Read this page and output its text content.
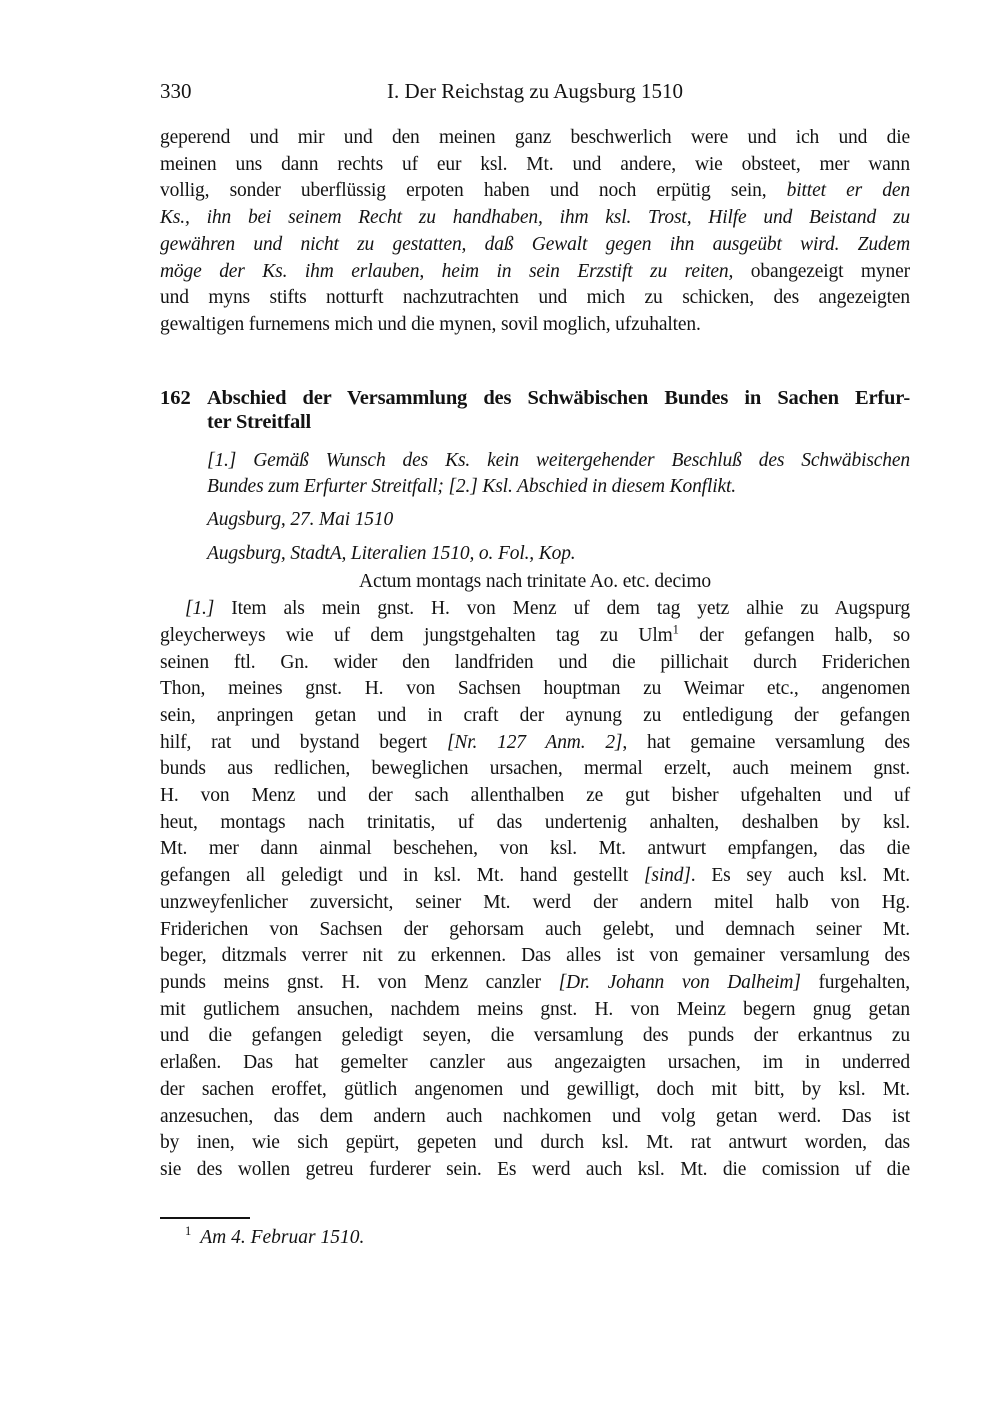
330	I. Der Reichstag zu Augsburg 1510
geperend und mir und den meinen ganz beschwerlich were und ich und die
meinen uns dann rechts uf eur ksl. Mt. und andere, wie obsteet, mer wann
vollig, sonder uberflüssig erpoten haben und noch erpütig sein, bittet er den
Ks., ihn bei seinem Recht zu handhaben, ihm ksl. Trost, Hilfe und Beistand zu
gewähren und nicht zu gestatten, daß Gewalt gegen ihn ausgeübt wird. Zudem
möge der Ks. ihm erlauben, heim in sein Erzstift zu reiten, obangezeigt myner
und myns stifts notturft nachzutrachten und mich zu schicken, des angezeigten
gewaltigen furnemens mich und die mynen, sovil moglich, ufzuhalten.
162 Abschied der Versammlung des Schwäbischen Bundes in Sachen Erfur-
ter Streitfall
[1.] Gemäß Wunsch des Ks. kein weitergehender Beschluß des Schwäbischen
Bundes zum Erfurter Streitfall; [2.] Ksl. Abschied in diesem Konflikt.
Augsburg, 27. Mai 1510
Augsburg, StadtA, Literalien 1510, o. Fol., Kop.
Actum montags nach trinitate Ao. etc. decimo
[1.] Item als mein gnst. H. von Menz uf dem tag yetz alhie zu Augspurg
gleycherweys wie uf dem jungstgehalten tag zu Ulm$^1$ der gefangen halb, so
seinen ftl. Gn. wider den landfriden und die pillichait durch Friderichen
Thon, meines gnst. H. von Sachsen houptman zu Weimar etc., angenomen
sein, anpringen getan und in craft der aynung zu entledigung der gefangen
hilf, rat und bystand begert [Nr. 127 Anm. 2], hat gemaine versamlung des
bunds aus redlichen, beweglichen ursachen, mermal erzelt, auch meinem gnst.
H. von Menz und der sach allenthalben ze gut bisher ufgehalten und uf
heut, montags nach trinitatis, uf das undertenig anhalten, deshalben by ksl.
Mt. mer dann ainmal beschehen, von ksl. Mt. antwurt empfangen, das die
gefangen all geledigt und in ksl. Mt. hand gestellt [sind]. Es sey auch ksl. Mt.
unzweyfenlicher zuversicht, seiner Mt. werd der andern mitel halb von Hg.
Friderichen von Sachsen der gehorsam auch gelebt, und demnach seiner Mt.
beger, ditzmals verrer nit zu erkennen. Das alles ist von gemainer versamlung des
punds meins gnst. H. von Menz canzler [Dr. Johann von Dalheim] furgehalten,
mit gutlichem ansuchen, nachdem meins gnst. H. von Meinz begern gnug getan
und die gefangen geledigt seyen, die versamlung des punds der erkantnus zu
erlaßen. Das hat gemelter canzler aus angezaigten ursachen, im in underred
der sachen eroffet, gütlich angenomen und gewilligt, doch mit bitt, by ksl. Mt.
anzesuchen, das dem andern auch nachkomen und volg getan werd. Das ist
by inen, wie sich gepürt, gepeten und durch ksl. Mt. rat antwurt worden, das
sie des wollen getreu furderer sein. Es werd auch ksl. Mt. die comission uf die
$^1$ Am 4. Februar 1510.
